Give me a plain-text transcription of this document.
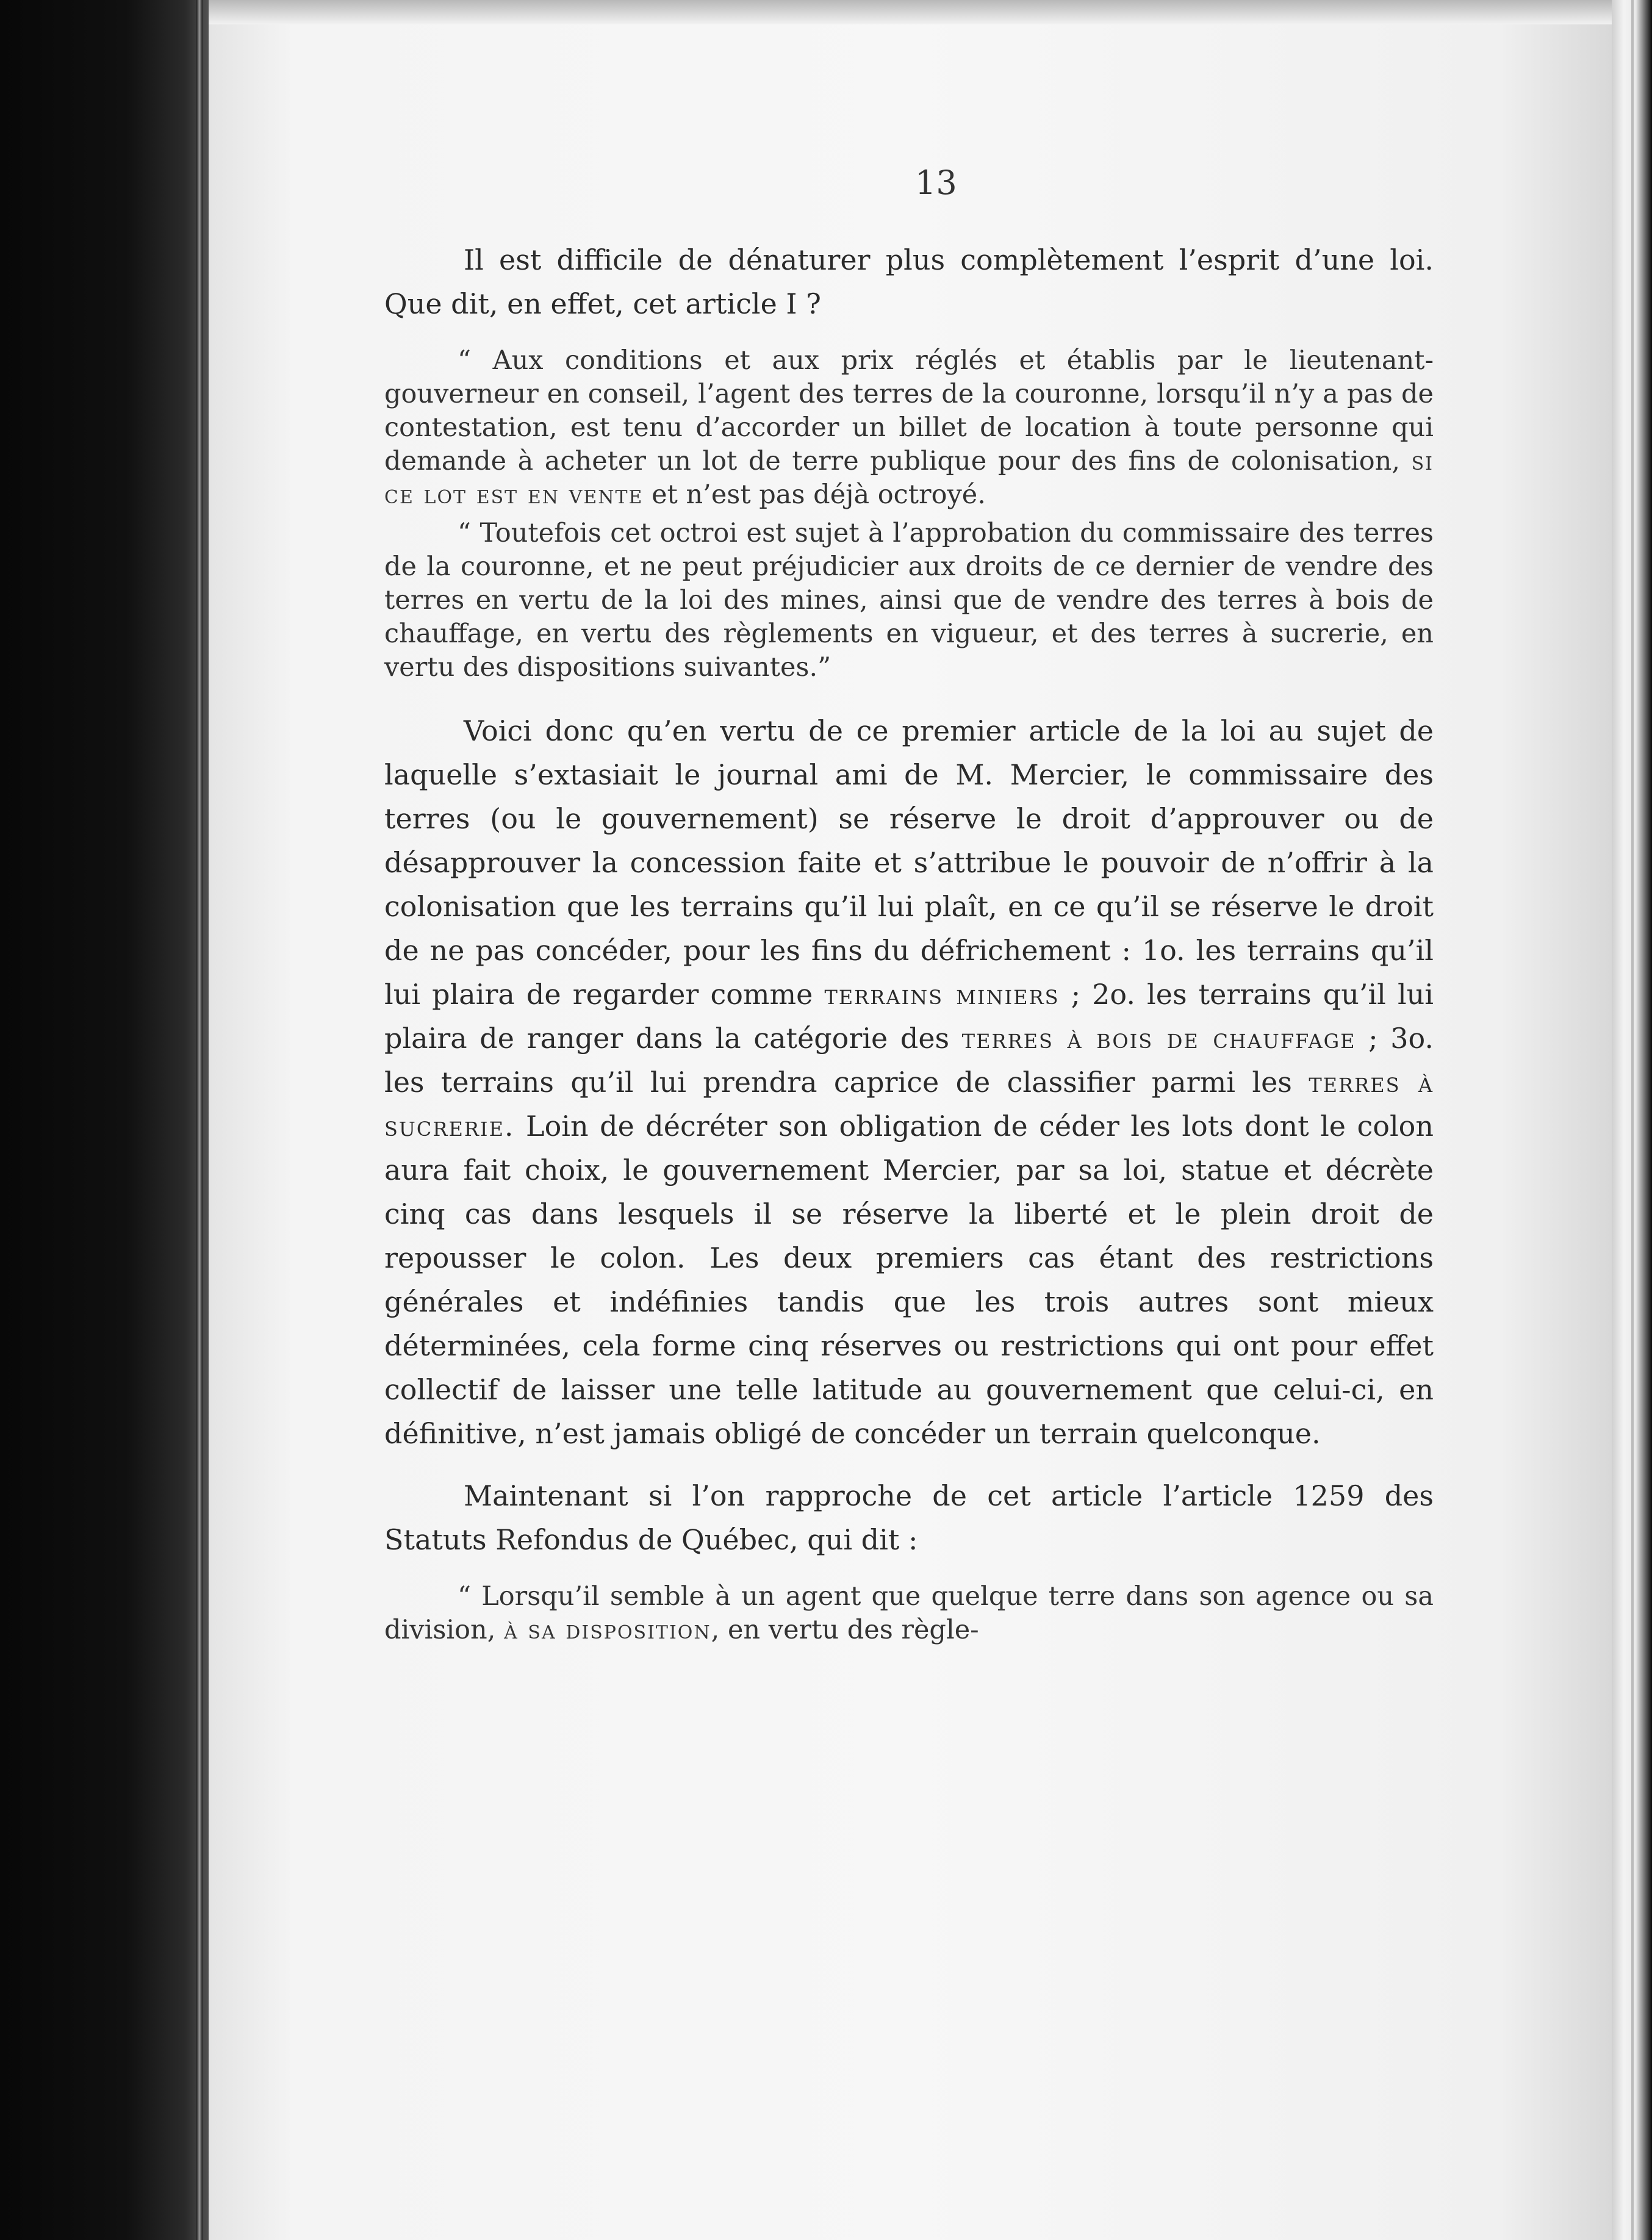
13

Il est difficile de dénaturer plus complètement l’esprit d’une loi. Que dit, en effet, cet article I ?

“ Aux conditions et aux prix réglés et établis par le lieutenant-gouverneur en conseil, l’agent des terres de la couronne, lorsqu’il n’y a pas de contestation, est tenu d’accorder un billet de location à toute personne qui demande à acheter un lot de terre publique pour des fins de colonisation, si ce lot est en vente et n’est pas déjà octroyé.

“ Toutefois cet octroi est sujet à l’approbation du commissaire des terres de la couronne, et ne peut préjudicier aux droits de ce dernier de vendre des terres en vertu de la loi des mines, ainsi que de vendre des terres à bois de chauffage, en vertu des règlements en vigueur, et des terres à sucrerie, en vertu des dispositions suivantes.”

Voici donc qu’en vertu de ce premier article de la loi au sujet de laquelle s’extasiait le journal ami de M. Mercier, le commissaire des terres (ou le gouvernement) se réserve le droit d’approuver ou de désapprouver la concession faite et s’attribue le pouvoir de n’offrir à la colonisation que les terrains qu’il lui plaît, en ce qu’il se réserve le droit de ne pas concéder, pour les fins du défrichement : 1o. les terrains qu’il lui plaira de regarder comme terrains miniers ; 2o. les terrains qu’il lui plaira de ranger dans la catégorie des terres à bois de chauffage ; 3o. les terrains qu’il lui prendra caprice de classifier parmi les terres à sucrerie. Loin de décréter son obligation de céder les lots dont le colon aura fait choix, le gouvernement Mercier, par sa loi, statue et décrète cinq cas dans lesquels il se réserve la liberté et le plein droit de repousser le colon. Les deux premiers cas étant des restrictions générales et indéfinies tandis que les trois autres sont mieux déterminées, cela forme cinq réserves ou restrictions qui ont pour effet collectif de laisser une telle latitude au gouvernement que celui-ci, en définitive, n’est jamais obligé de concéder un terrain quelconque.

Maintenant si l’on rapproche de cet article l’article 1259 des Statuts Refondus de Québec, qui dit :

“ Lorsqu’il semble à un agent que quelque terre dans son agence ou sa division, à sa disposition, en vertu des règle-
